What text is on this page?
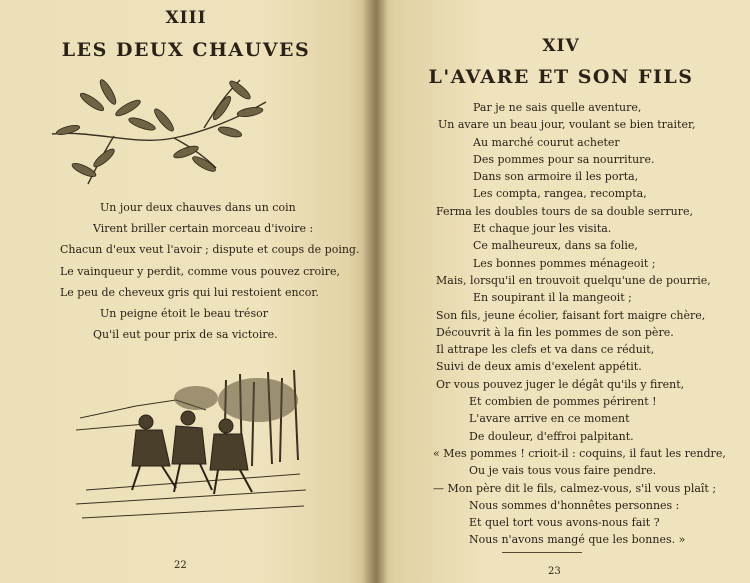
XIII
LES DEUX CHAUVES
Un jour deux chauves dans un coin
Virent briller certain morceau d'ivoire :
Chacun d'eux veut l'avoir ; dispute et coups de poing.
Le vainqueur y perdit, comme vous pouvez croire,
Le peu de cheveux gris qui lui restoient encor.
Un peigne étoit le beau trésor
Qu'il eut pour prix de sa victoire.
22
XIV
L'AVARE ET SON FILS
23
Par je ne sais quelle aventure,
Un avare un beau jour, voulant se bien traiter,
Au marché courut acheter
Des pommes pour sa nourriture.
Dans son armoire il les porta,
Les compta, rangea, recompta,
Ferma les doubles tours de sa double serrure,
Et chaque jour les visita.
Ce malheureux, dans sa folie,
Les bonnes pommes ménageoit ;
Mais, lorsqu'il en trouvoit quelqu'une de pourrie,
En soupirant il la mangeoit ;
Son fils, jeune écolier, faisant fort maigre chère,
Découvrit à la fin les pommes de son père.
Il attrape les clefs et va dans ce réduit,
Suivi de deux amis d'exelent appétit.
Or vous pouvez juger le dégât qu'ils y firent,
Et combien de pommes périrent !
L'avare arrive en ce moment
De douleur, d'effroi palpitant.
« Mes pommes ! crioit-il : coquins, il faut les rendre,
Ou je vais tous vous faire pendre.
— Mon père dit le fils, calmez-vous, s'il vous plaît ;
Nous sommes d'honnêtes personnes :
Et quel tort vous avons-nous fait ?
Nous n'avons mangé que les bonnes. »
